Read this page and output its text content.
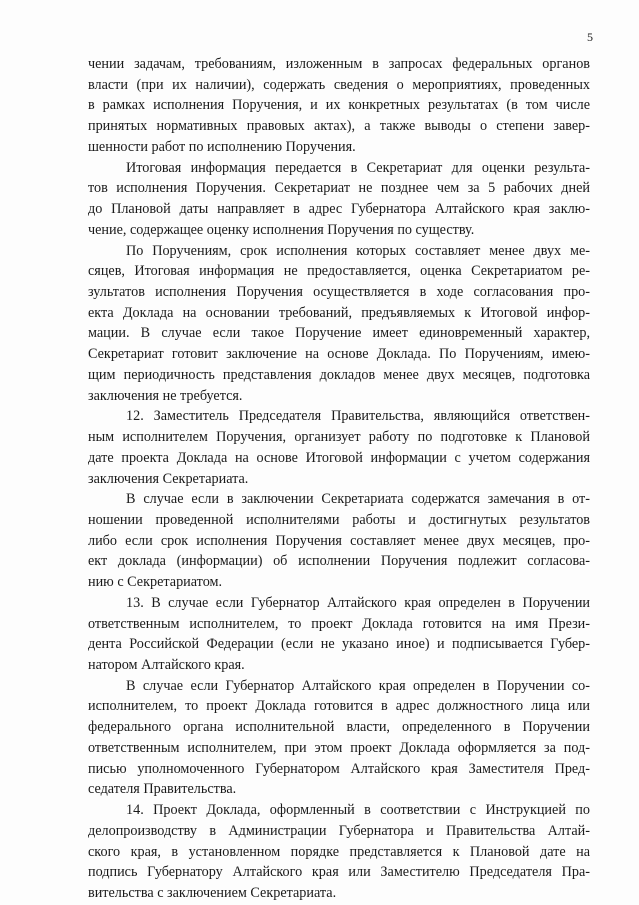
5
чении задачам, требованиям, изложенным в запросах федеральных органов
власти (при их наличии), содержать сведения о мероприятиях, проведенных
в рамках исполнения Поручения, и их конкретных результатах (в том числе
принятых нормативных правовых актах), а также выводы о степени завер-
шенности работ по исполнению Поручения.
Итоговая информация передается в Секретариат для оценки результа-
тов исполнения Поручения. Секретариат не позднее чем за 5 рабочих дней
до Плановой даты направляет в адрес Губернатора Алтайского края заклю-
чение, содержащее оценку исполнения Поручения по существу.
По Поручениям, срок исполнения которых составляет менее двух ме-
сяцев, Итоговая информация не предоставляется, оценка Секретариатом ре-
зультатов исполнения Поручения осуществляется в ходе согласования про-
екта Доклада на основании требований, предъявляемых к Итоговой инфор-
мации. В случае если такое Поручение имеет единовременный характер,
Секретариат готовит заключение на основе Доклада. По Поручениям, имею-
щим периодичность представления докладов менее двух месяцев, подготовка
заключения не требуется.
12. Заместитель Председателя Правительства, являющийся ответствен-
ным исполнителем Поручения, организует работу по подготовке к Плановой
дате проекта Доклада на основе Итоговой информации с учетом содержания
заключения Секретариата.
В случае если в заключении Секретариата содержатся замечания в от-
ношении проведенной исполнителями работы и достигнутых результатов
либо если срок исполнения Поручения составляет менее двух месяцев, про-
ект доклада (информации) об исполнении Поручения подлежит согласова-
нию с Секретариатом.
13. В случае если Губернатор Алтайского края определен в Поручении
ответственным исполнителем, то проект Доклада готовится на имя Прези-
дента Российской Федерации (если не указано иное) и подписывается Губер-
натором Алтайского края.
В случае если Губернатор Алтайского края определен в Поручении со-
исполнителем, то проект Доклада готовится в адрес должностного лица или
федерального органа исполнительной власти, определенного в Поручении
ответственным исполнителем, при этом проект Доклада оформляется за под-
писью уполномоченного Губернатором Алтайского края Заместителя Пред-
седателя Правительства.
14. Проект Доклада, оформленный в соответствии с Инструкцией по
делопроизводству в Администрации Губернатора и Правительства Алтай-
ского края, в установленном порядке представляется к Плановой дате на
подпись Губернатору Алтайского края или Заместителю Председателя Пра-
вительства с заключением Секретариата.
